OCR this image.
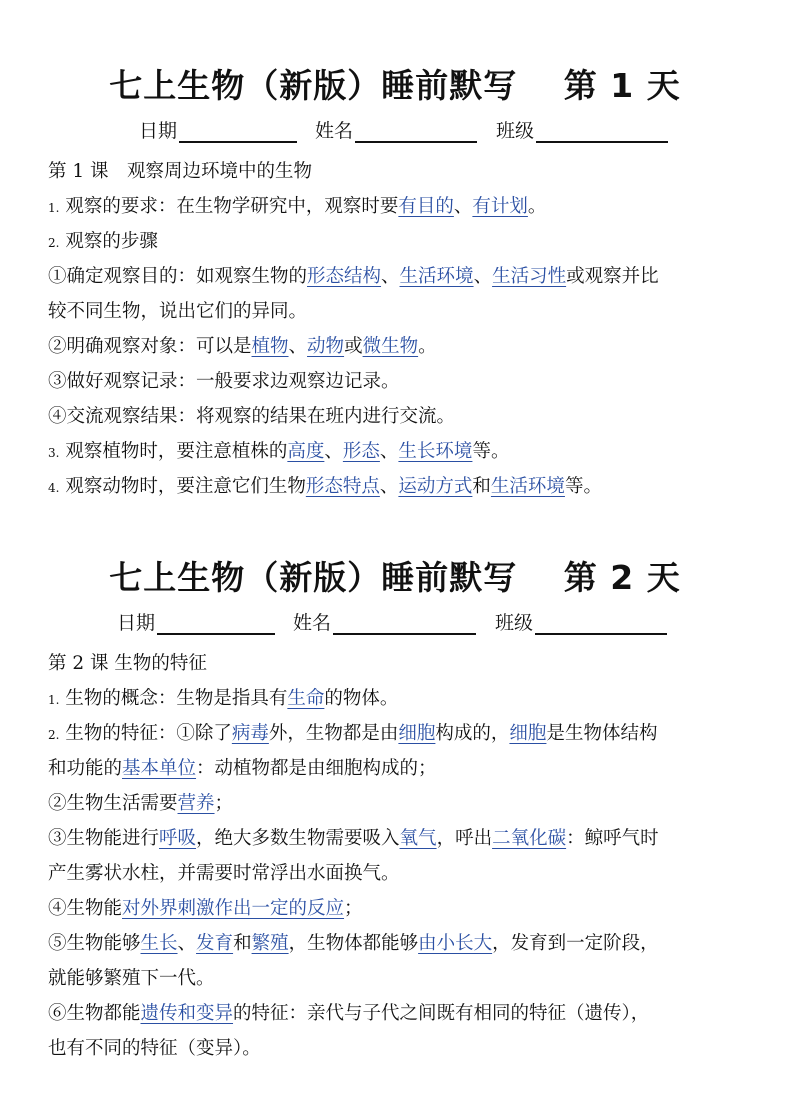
七上生物（新版）睡前默写　 第 1 天
日期	姓名	班级
第 1 课　观察周边环境中的生物
1. 观察的要求：在生物学研究中，观察时要有目的、有计划。
2. 观察的步骤
①确定观察目的：如观察生物的形态结构、生活环境、生活习性或观察并比
较不同生物，说出它们的异同。
②明确观察对象：可以是植物、动物或微生物。
③做好观察记录：一般要求边观察边记录。
④交流观察结果：将观察的结果在班内进行交流。
3. 观察植物时，要注意植株的高度、形态、生长环境等。
4. 观察动物时，要注意它们生物形态特点、运动方式和生活环境等。
七上生物（新版）睡前默写　 第 2 天
日期	姓名	班级
第 2 课 生物的特征
1. 生物的概念：生物是指具有生命的物体。
2. 生物的特征：①除了病毒外，生物都是由细胞构成的，细胞是生物体结构
和功能的基本单位：动植物都是由细胞构成的；
②生物生活需要营养；
③生物能进行呼吸，绝大多数生物需要吸入氧气，呼出二氧化碳：鲸呼气时
产生雾状水柱，并需要时常浮出水面换气。
④生物能对外界刺激作出一定的反应；
⑤生物能够生长、发育和繁殖，生物体都能够由小长大，发育到一定阶段，
就能够繁殖下一代。
⑥生物都能遗传和变异的特征：亲代与子代之间既有相同的特征（遗传），
也有不同的特征（变异）。
